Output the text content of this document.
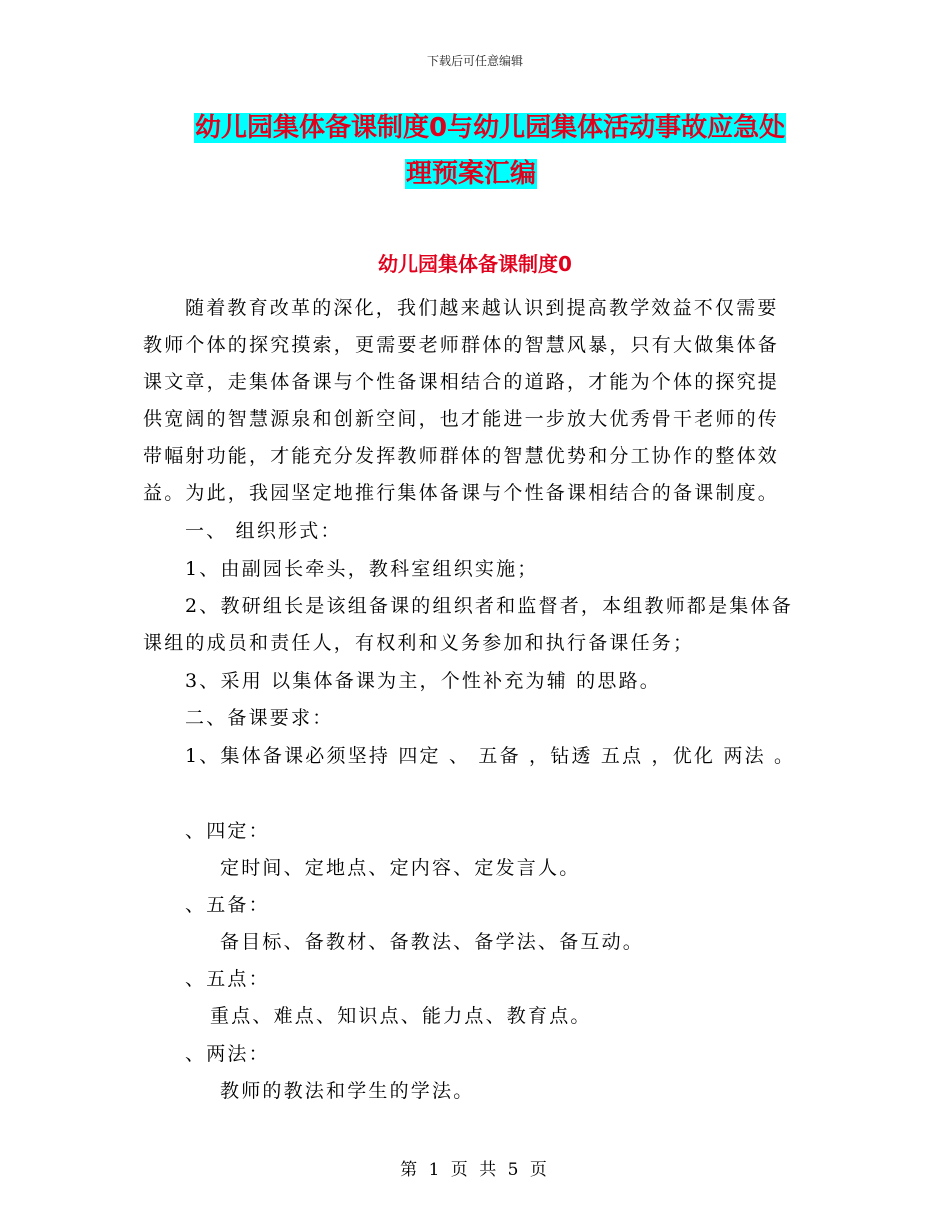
下载后可任意编辑
幼儿园集体备课制度0与幼儿园集体活动事故应急处
理预案汇编
幼儿园集体备课制度0
随着教育改革的深化，我们越来越认识到提高教学效益不仅需要
教师个体的探究摸索，更需要老师群体的智慧风暴，只有大做集体备
课文章，走集体备课与个性备课相结合的道路，才能为个体的探究提
供宽阔的智慧源泉和创新空间，也才能进一步放大优秀骨干老师的传
带幅射功能，才能充分发挥教师群体的智慧优势和分工协作的整体效
益。为此，我园坚定地推行集体备课与个性备课相结合的备课制度。
一、 组织形式：
1、由副园长牵头，教科室组织实施；
2、教研组长是该组备课的组织者和监督者，本组教师都是集体备
课组的成员和责任人，有权利和义务参加和执行备课任务；
3、采用 以集体备课为主，个性补充为辅 的思路。
二、备课要求：
1、集体备课必须坚持 四定 、 五备 ，钻透 五点 ，优化 两法 。
、四定：
定时间、定地点、定内容、定发言人。
、五备：
备目标、备教材、备教法、备学法、备互动。
、五点：
重点、难点、知识点、能力点、教育点。
、两法：
教师的教法和学生的学法。
第 1 页 共 5 页
